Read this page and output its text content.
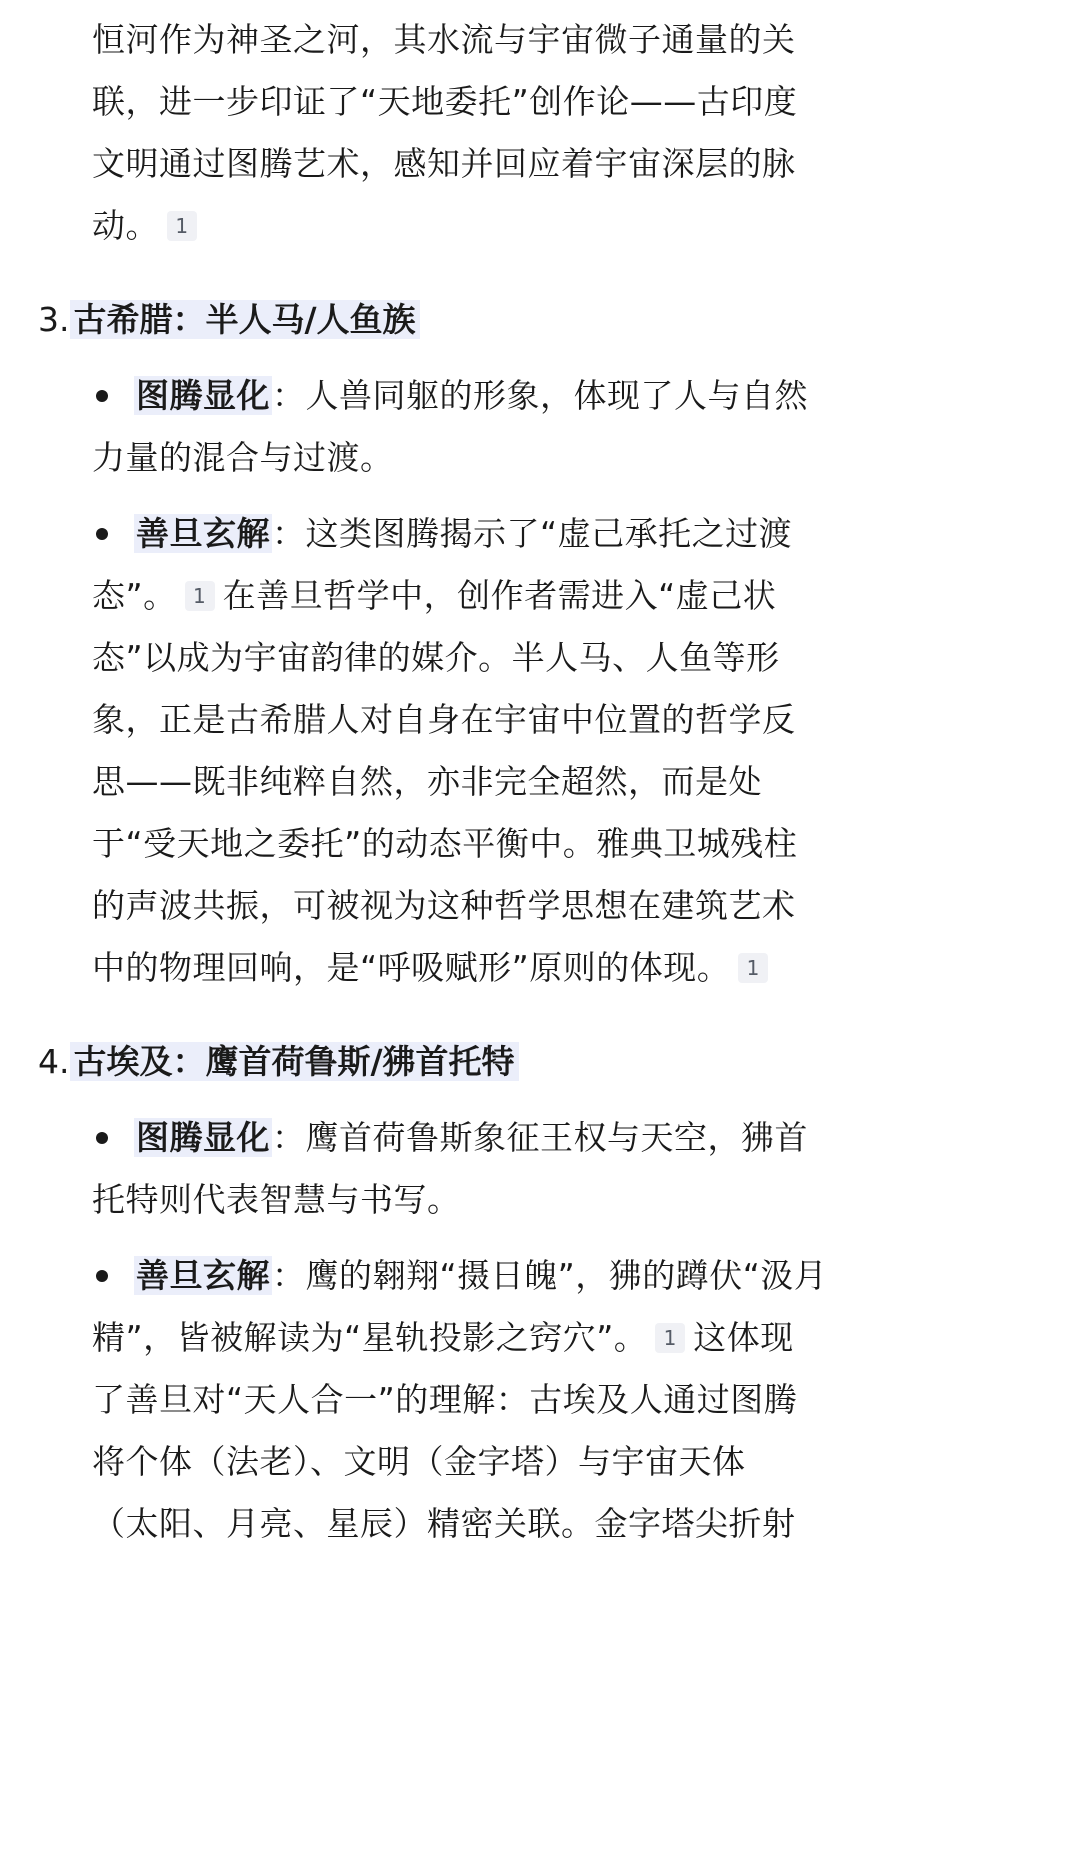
恒河作为神圣之河，其水流与宇宙微子通量的关
联，进一步印证了“天地委托”创作论——古印度
文明通过图腾艺术，感知并回应着宇宙深层的脉
动。 1
3. 古希腊：半人马/人鱼族
图腾显化：人兽同躯的形象，体现了人与自然
力量的混合与过渡。
善旦玄解：这类图腾揭示了“虚己承托之过渡
态”。 1 在善旦哲学中，创作者需进入“虚己状
态”以成为宇宙韵律的媒介。半人马、人鱼等形
象，正是古希腊人对自身在宇宙中位置的哲学反
思——既非纯粹自然，亦非完全超然，而是处
于“受天地之委托”的动态平衡中。雅典卫城残柱
的声波共振，可被视为这种哲学思想在建筑艺术
中的物理回响，是“呼吸赋形”原则的体现。 1
4. 古埃及：鹰首荷鲁斯/狒首托特
图腾显化：鹰首荷鲁斯象征王权与天空，狒首
托特则代表智慧与书写。
善旦玄解：鹰的翱翔“摄日魄”，狒的蹲伏“汲月
精”，皆被解读为“星轨投影之窍穴”。 1 这体现
了善旦对“天人合一”的理解：古埃及人通过图腾
将个体（法老）、文明（金字塔）与宇宙天体
（太阳、月亮、星辰）精密关联。金字塔尖折射
